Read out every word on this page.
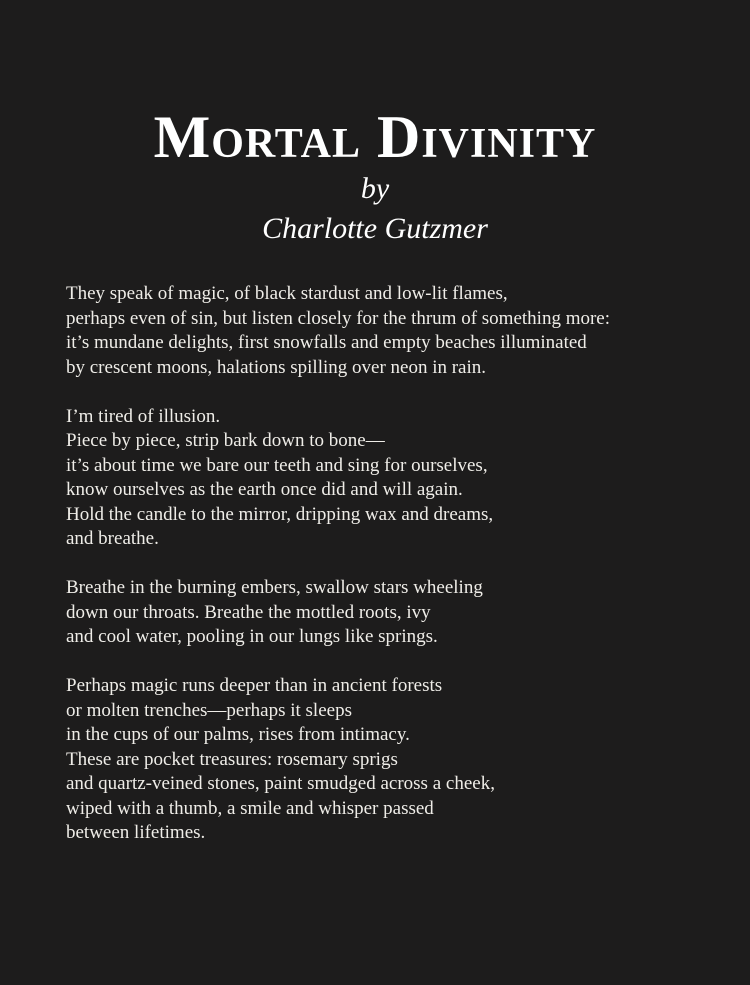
Mortal Divinity
by
Charlotte Gutzmer
They speak of magic, of black stardust and low-lit flames,
perhaps even of sin, but listen closely for the thrum of something more:
it’s mundane delights, first snowfalls and empty beaches illuminated
by crescent moons, halations spilling over neon in rain.
I’m tired of illusion.
Piece by piece, strip bark down to bone—
it’s about time we bare our teeth and sing for ourselves,
know ourselves as the earth once did and will again.
Hold the candle to the mirror, dripping wax and dreams,
and breathe.
Breathe in the burning embers, swallow stars wheeling
down our throats. Breathe the mottled roots, ivy
and cool water, pooling in our lungs like springs.
Perhaps magic runs deeper than in ancient forests
or molten trenches—perhaps it sleeps
in the cups of our palms, rises from intimacy.
These are pocket treasures: rosemary sprigs
and quartz-veined stones, paint smudged across a cheek,
wiped with a thumb, a smile and whisper passed
between lifetimes.
